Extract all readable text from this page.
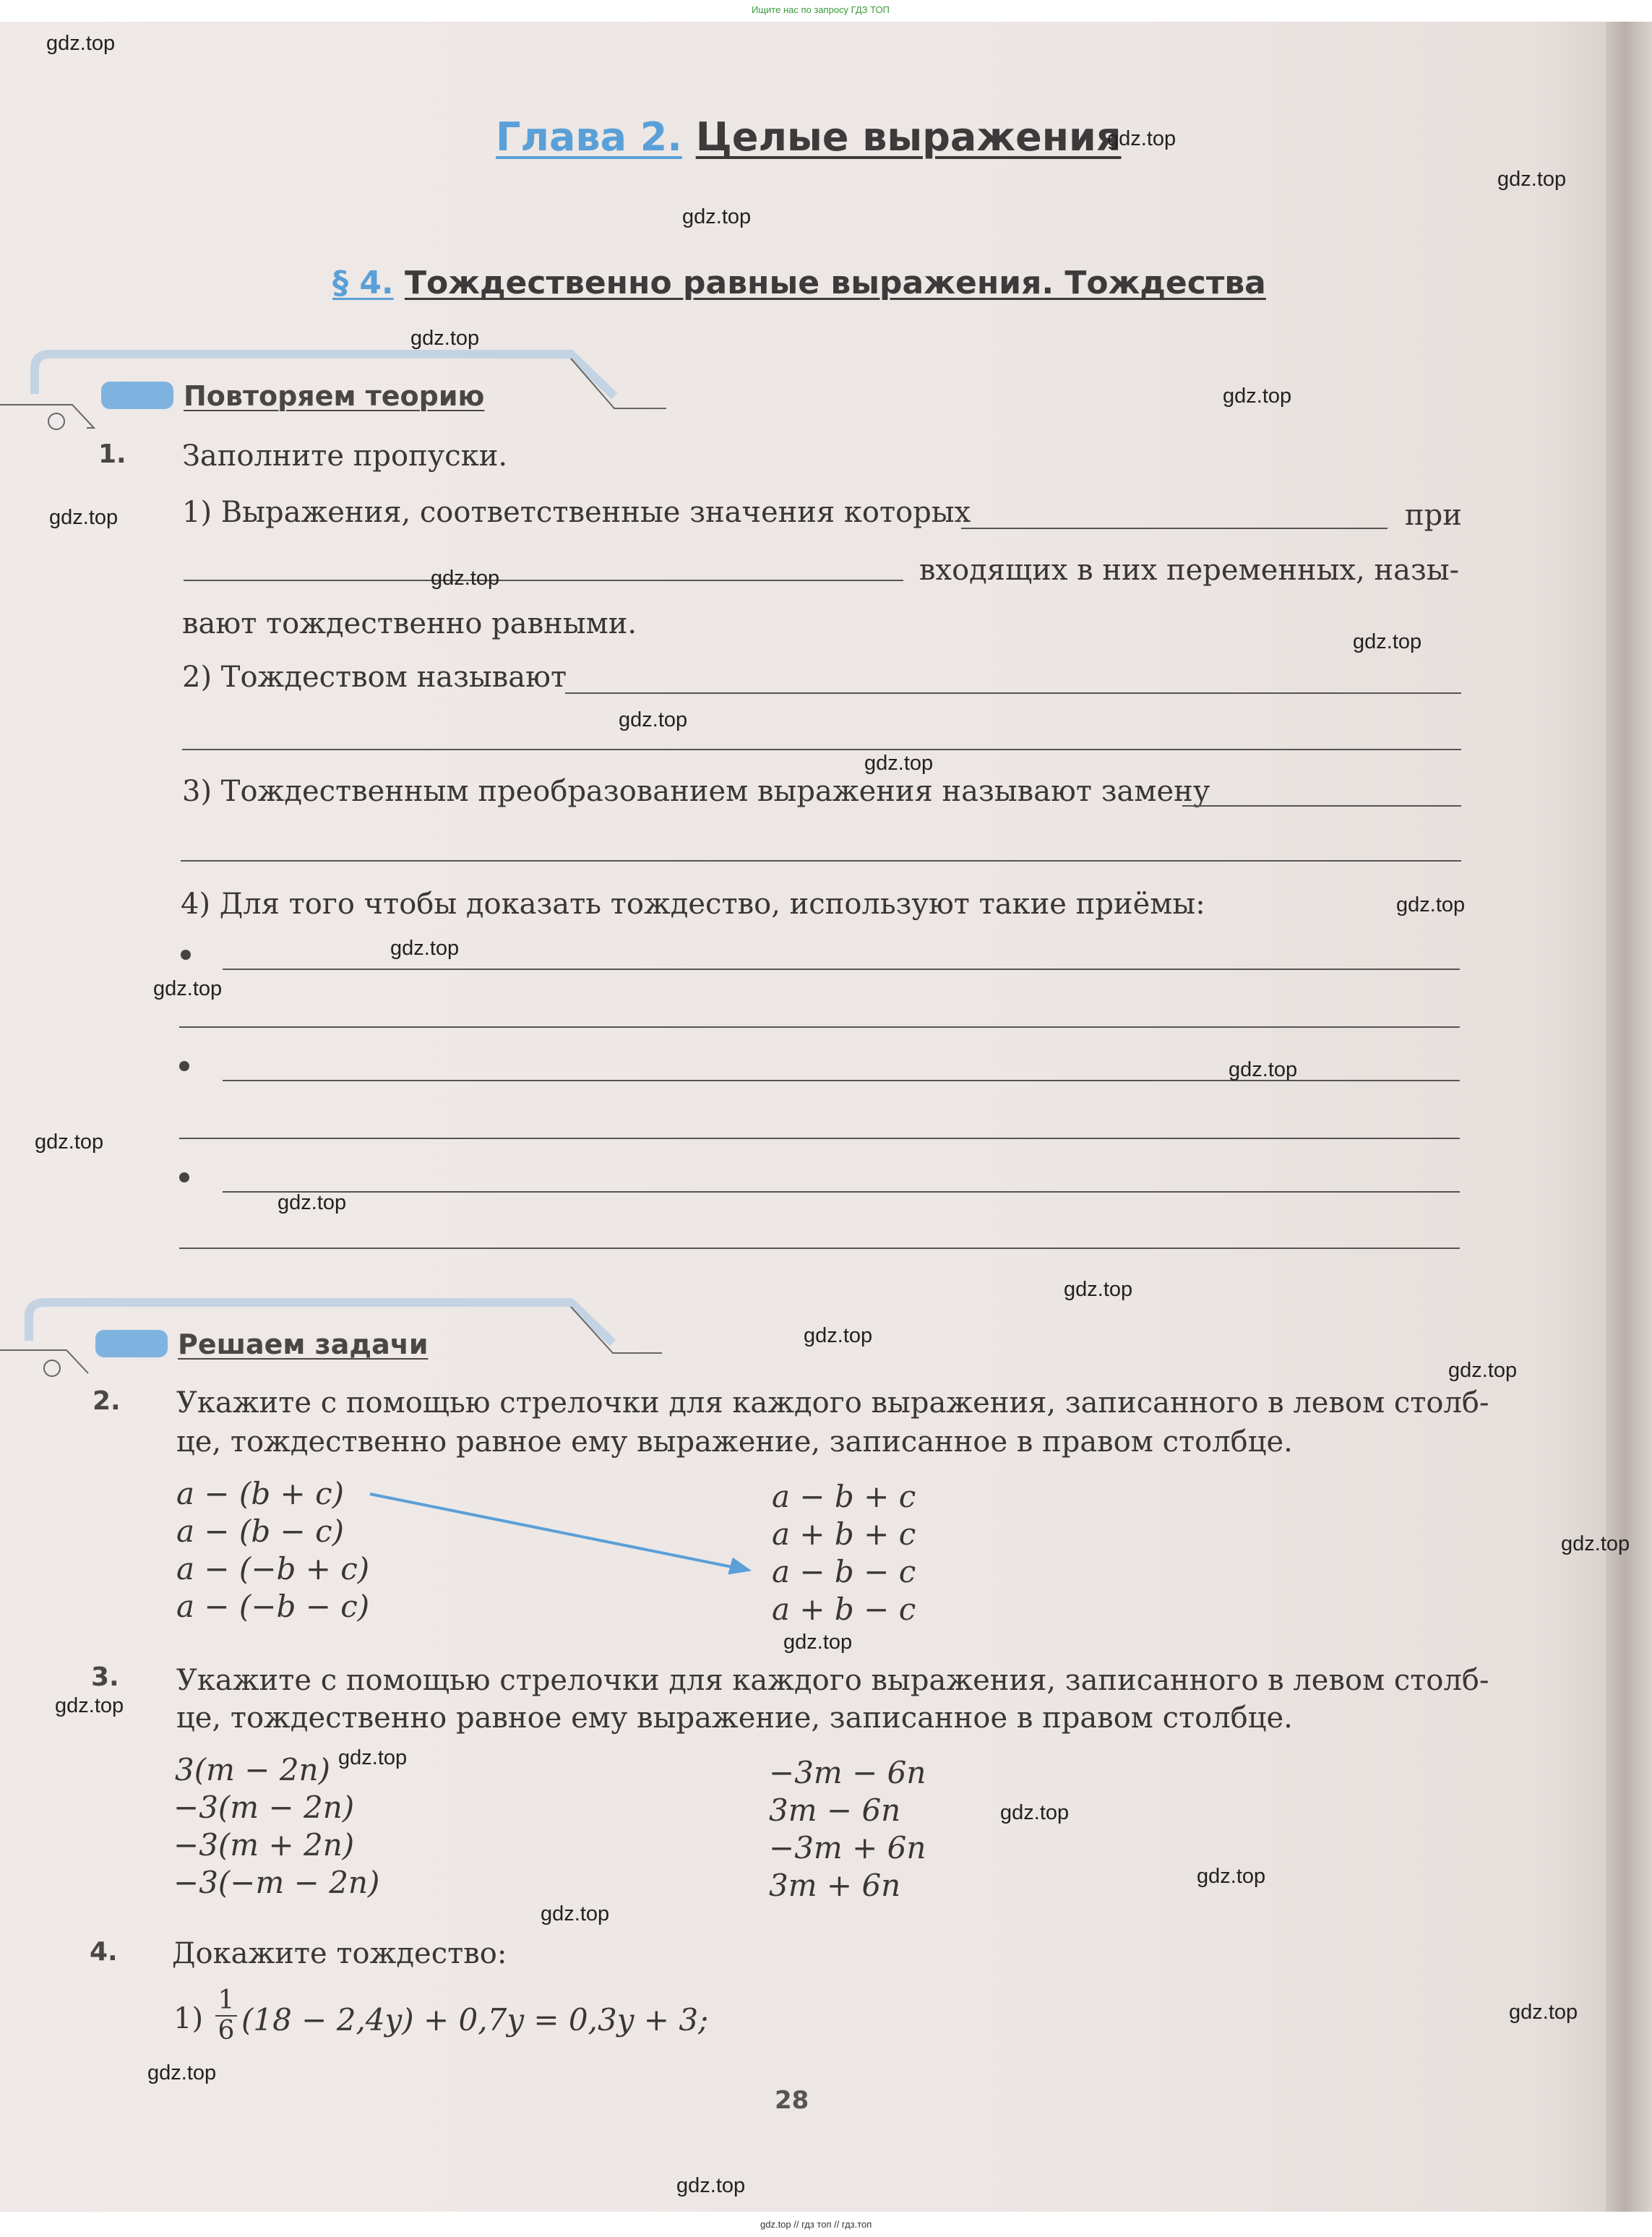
Ищите нас по запросу ГДЗ ТОП
Глава 2. Целые выражения
§ 4. Тождественно равные выражения. Тождества
Повторяем теорию
Решаем задачи
1. Заполните пропуски.
1) Выражения, соответственные значения которых	при
входящих в них переменных, назы-
вают тождественно равными.
2) Тождеством называют
3) Тождественным преобразованием выражения называют замену
4) Для того чтобы доказать тождество, используют такие приёмы:
2. Укажите с помощью стрелочки для каждого выражения, записанного в левом столб-
це, тождественно равное ему выражение, записанное в правом столбце.
a − (b + c)
a − (b − c)
a − (−b + c)
a − (−b − c)
a − b + c
a + b + c
a − b − c
a + b − c
3. Укажите с помощью стрелочки для каждого выражения, записанного в левом столб-
це, тождественно равное ему выражение, записанное в правом столбце.
3(m − 2n)
−3(m − 2n)
−3(m + 2n)
−3(−m − 2n)
−3m − 6n
3m − 6n
−3m + 6n
3m + 6n
4. Докажите тождество:
$1) \frac{1}{6} (18 - 2,4y) + 0,7y = 0,3y + 3$;
28
gdz.top
gdz.top
gdz.top
gdz.top
gdz.top
gdz.top
gdz.top
gdz.top
gdz.top
gdz.top
gdz.top
gdz.top
gdz.top
gdz.top
gdz.top
gdz.top
gdz.top
gdz.top
gdz.top
gdz.top
gdz.top
gdz.top
gdz.top
gdz.top
gdz.top
gdz.top
gdz.top
gdz.top
gdz.top
gdz.top
gdz.top // гдз топ // гдз.топ
